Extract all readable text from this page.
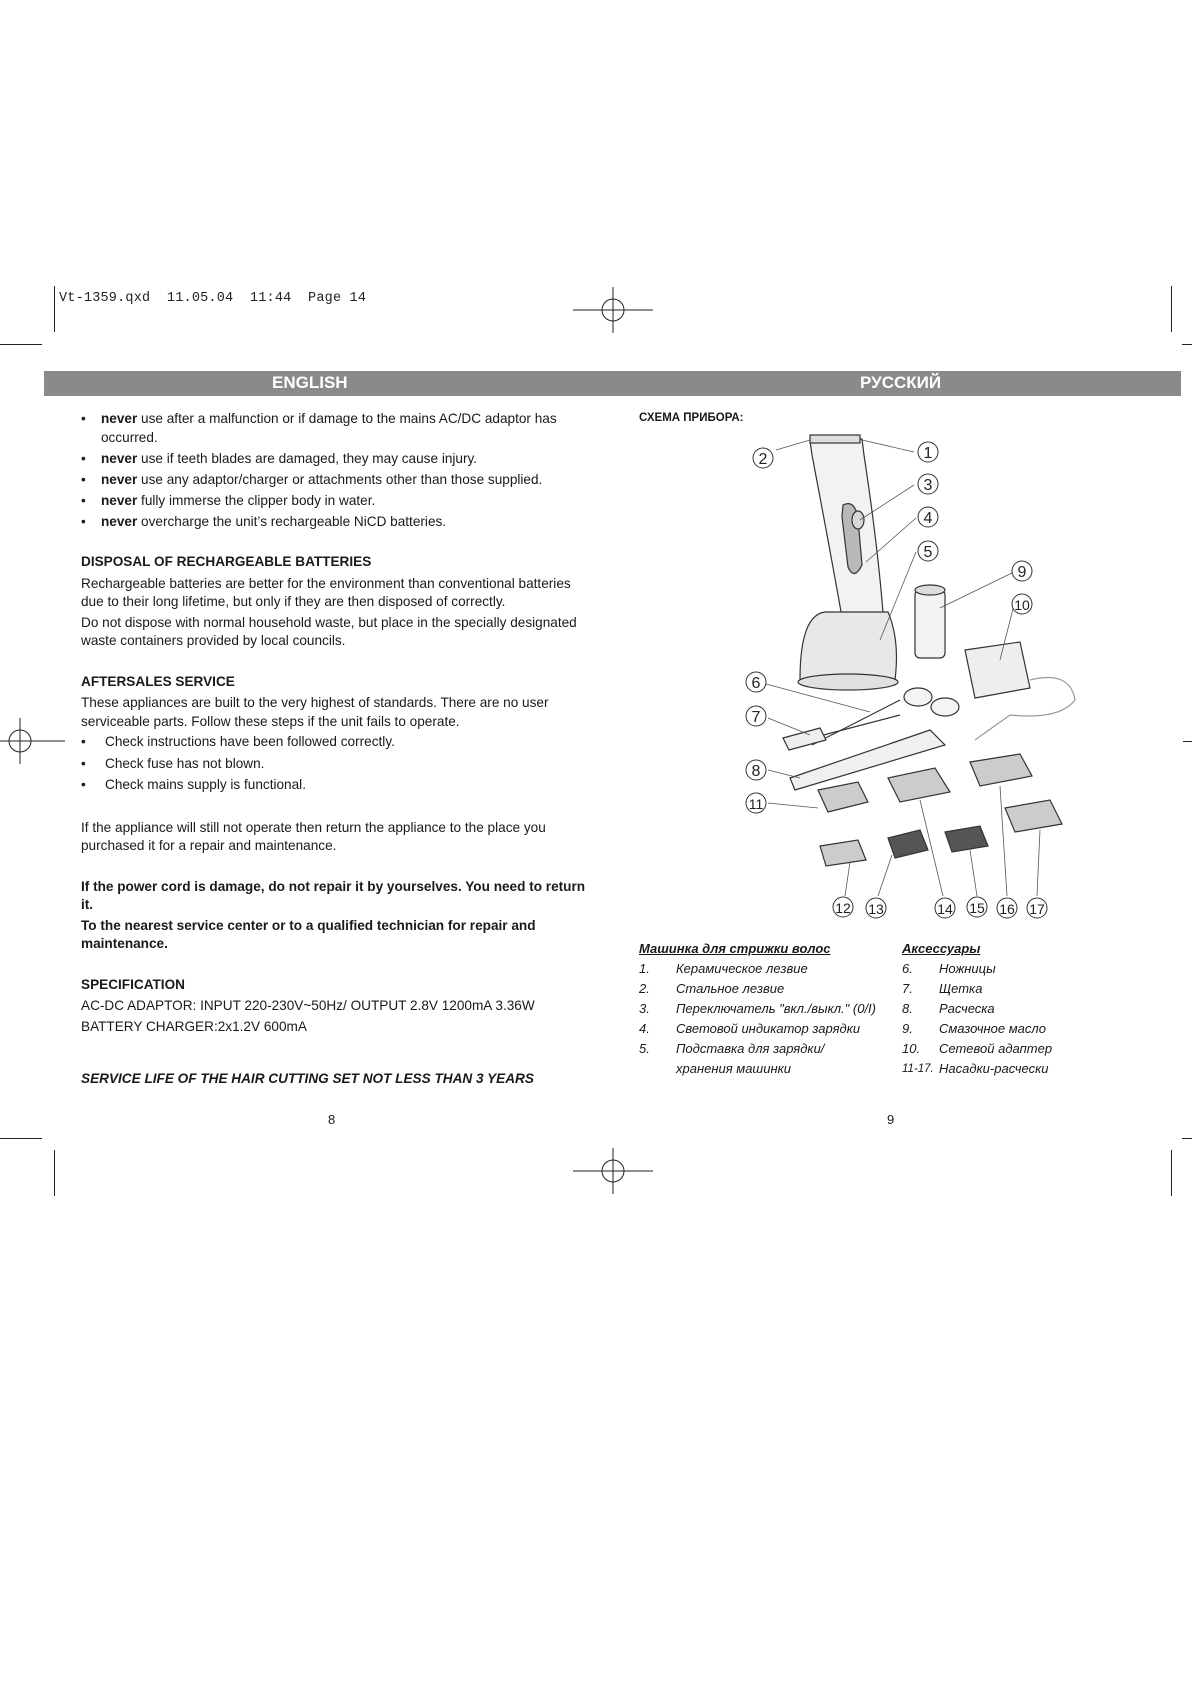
Vt-1359.qxd  11.05.04  11:44  Page 14
ENGLISH	РУССКИЙ
• never use after a malfunction or if damage to the mains AC/DC adaptor has occurred.
• never use if teeth blades are damaged, they may cause injury.
• never use any adaptor/charger or attachments other than those supplied.
• never fully immerse the clipper body in water.
• never overcharge the unit’s rechargeable NiCD batteries.
DISPOSAL OF RECHARGEABLE BATTERIES

Rechargeable batteries are better for the environment than conventional batteries due to their long lifetime, but only if they are then disposed of correctly.

Do not dispose with normal household waste, but place in the specially designated waste containers provided by local councils.

AFTERSALES SERVICE

These appliances are built to the very highest of standards. There are no user serviceable parts. Follow these steps if the unit fails to operate.

• Check instructions have been followed correctly.
• Check fuse has not blown.
• Check mains supply is functional.

If the appliance will still not operate then return the appliance to the place you purchased it for a repair and maintenance.

If the power cord is damage, do not repair it by yourselves. You need to return it.

To the nearest service center or to a qualified technician for repair and maintenance.

SPECIFICATION

AC-DC ADAPTOR: INPUT 220-230V~50Hz/ OUTPUT 2.8V 1200mA 3.36W

BATTERY CHARGER:2x1.2V 600mA

SERVICE LIFE OF THE HAIR CUTTING SET NOT LESS THAN 3 YEARS

8
СХЕМА ПРИБОРА:
1
2
3
4
5
6
7
8
9
10
11
12 13	14 15 16 17
Машинка для стрижки волос
1.	Керамическое лезвие
2.	Стальное лезвие
3.	Переключатель "вкл./выкл." (0/I)
4.	Световой индикатор зарядки
5.	Подставка для зарядки/
хранения машинки
Аксессуары
6.	Ножницы
7.	Щетка
8.	Расческа
9.	Смазочное масло
10.	Сетевой адаптер
11-17. Насадки-расчески
9
